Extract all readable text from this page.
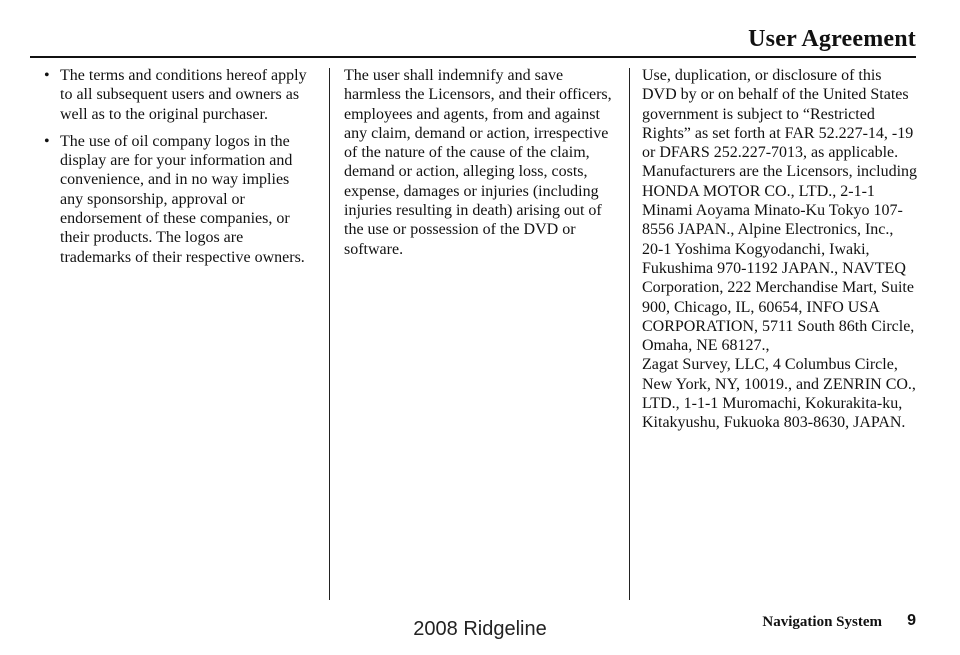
User Agreement
• The terms and conditions hereof apply to all subsequent users and owners as well as to the original purchaser.
• The use of oil company logos in the display are for your information and convenience, and in no way implies any sponsorship, approval or endorsement of these companies, or their products. The logos are trademarks of their respective owners.

The user shall indemnify and save harmless the Licensors, and their officers, employees and agents, from and against any claim, demand or action, irrespective of the nature of the cause of the claim, demand or action, alleging loss, costs, expense, damages or injuries (including injuries resulting in death) arising out of the use or possession of the DVD or software.

Use, duplication, or disclosure of this DVD by or on behalf of the United States government is subject to “Restricted Rights” as set forth at FAR 52.227-14, -19 or DFARS 252.227-7013, as applicable. Manufacturers are the Licensors, including HONDA MOTOR CO., LTD., 2-1-1 Minami Aoyama Minato-Ku Tokyo 107-8556 JAPAN., Alpine Electronics, Inc., 20-1 Yoshima Kogyodanchi, Iwaki, Fukushima 970-1192 JAPAN., NAVTEQ Corporation, 222 Merchandise Mart, Suite 900, Chicago, IL, 60654, INFO USA CORPORATION, 5711 South 86th Circle, Omaha, NE 68127.,

Zagat Survey, LLC, 4 Columbus Circle, New York, NY, 10019., and ZENRIN CO., LTD., 1-1-1 Muromachi, Kokurakita-ku, Kitakyushu, Fukuoka 803-8630, JAPAN.

Navigation System 9
2008 Ridgeline
